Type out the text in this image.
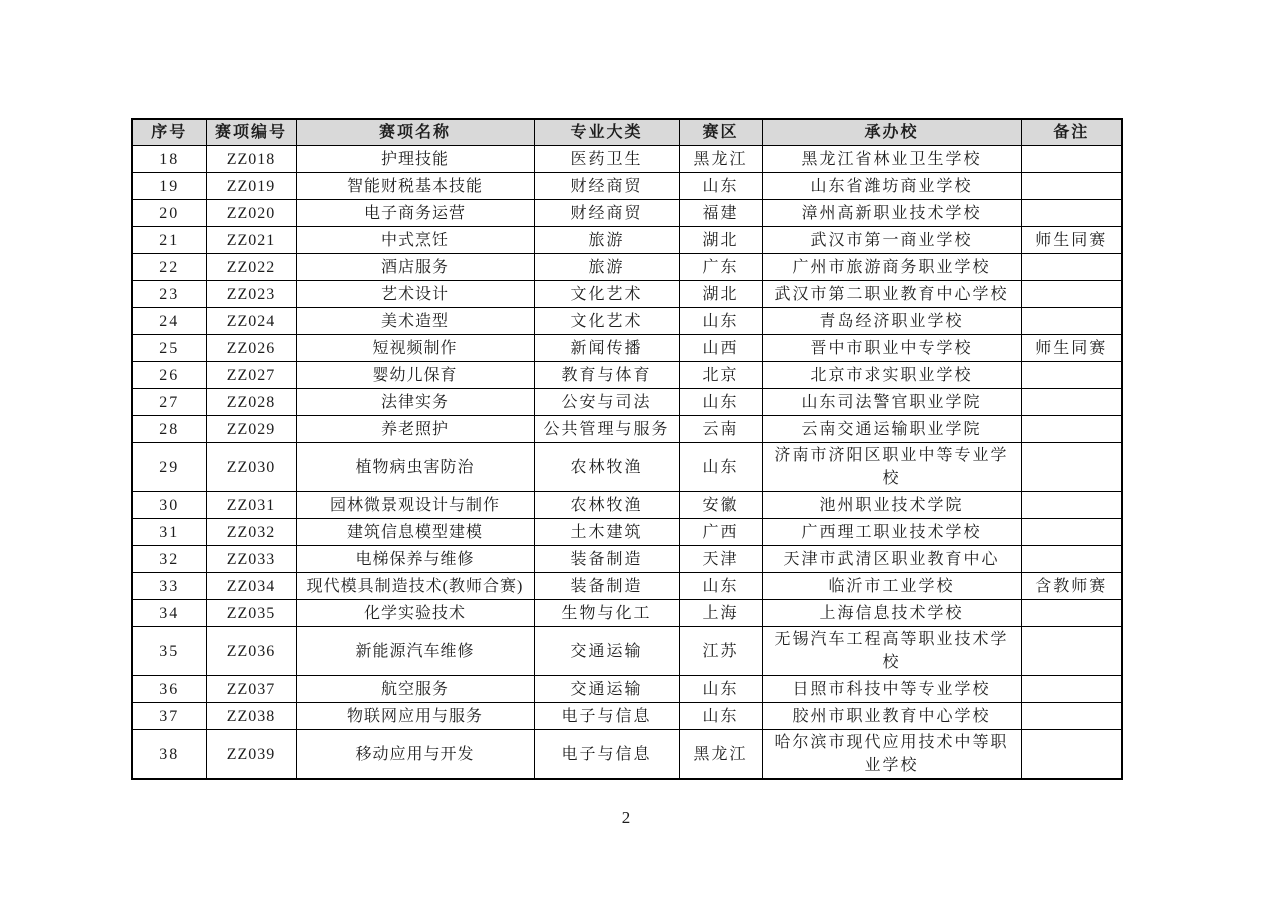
序号	赛项编号	赛项名称	专业大类	赛区	承办校	备注
18	ZZ018	护理技能	医药卫生	黑龙江	黑龙江省林业卫生学校	
19	ZZ019	智能财税基本技能	财经商贸	山东	山东省潍坊商业学校	
20	ZZ020	电子商务运营	财经商贸	福建	漳州高新职业技术学校	
21	ZZ021	中式烹饪	旅游	湖北	武汉市第一商业学校	师生同赛
22	ZZ022	酒店服务	旅游	广东	广州市旅游商务职业学校	
23	ZZ023	艺术设计	文化艺术	湖北	武汉市第二职业教育中心学校	
24	ZZ024	美术造型	文化艺术	山东	青岛经济职业学校	
25	ZZ026	短视频制作	新闻传播	山西	晋中市职业中专学校	师生同赛
26	ZZ027	婴幼儿保育	教育与体育	北京	北京市求实职业学校	
27	ZZ028	法律实务	公安与司法	山东	山东司法警官职业学院	
28	ZZ029	养老照护	公共管理与服务	云南	云南交通运输职业学院	
29	ZZ030	植物病虫害防治	农林牧渔	山东	济南市济阳区职业中等专业学校	
30	ZZ031	园林微景观设计与制作	农林牧渔	安徽	池州职业技术学院	
31	ZZ032	建筑信息模型建模	土木建筑	广西	广西理工职业技术学校	
32	ZZ033	电梯保养与维修	装备制造	天津	天津市武清区职业教育中心	
33	ZZ034	现代模具制造技术(教师合赛)	装备制造	山东	临沂市工业学校	含教师赛
34	ZZ035	化学实验技术	生物与化工	上海	上海信息技术学校	
35	ZZ036	新能源汽车维修	交通运输	江苏	无锡汽车工程高等职业技术学校	
36	ZZ037	航空服务	交通运输	山东	日照市科技中等专业学校	
37	ZZ038	物联网应用与服务	电子与信息	山东	胶州市职业教育中心学校	
38	ZZ039	移动应用与开发	电子与信息	黑龙江	哈尔滨市现代应用技术中等职业学校	
2
